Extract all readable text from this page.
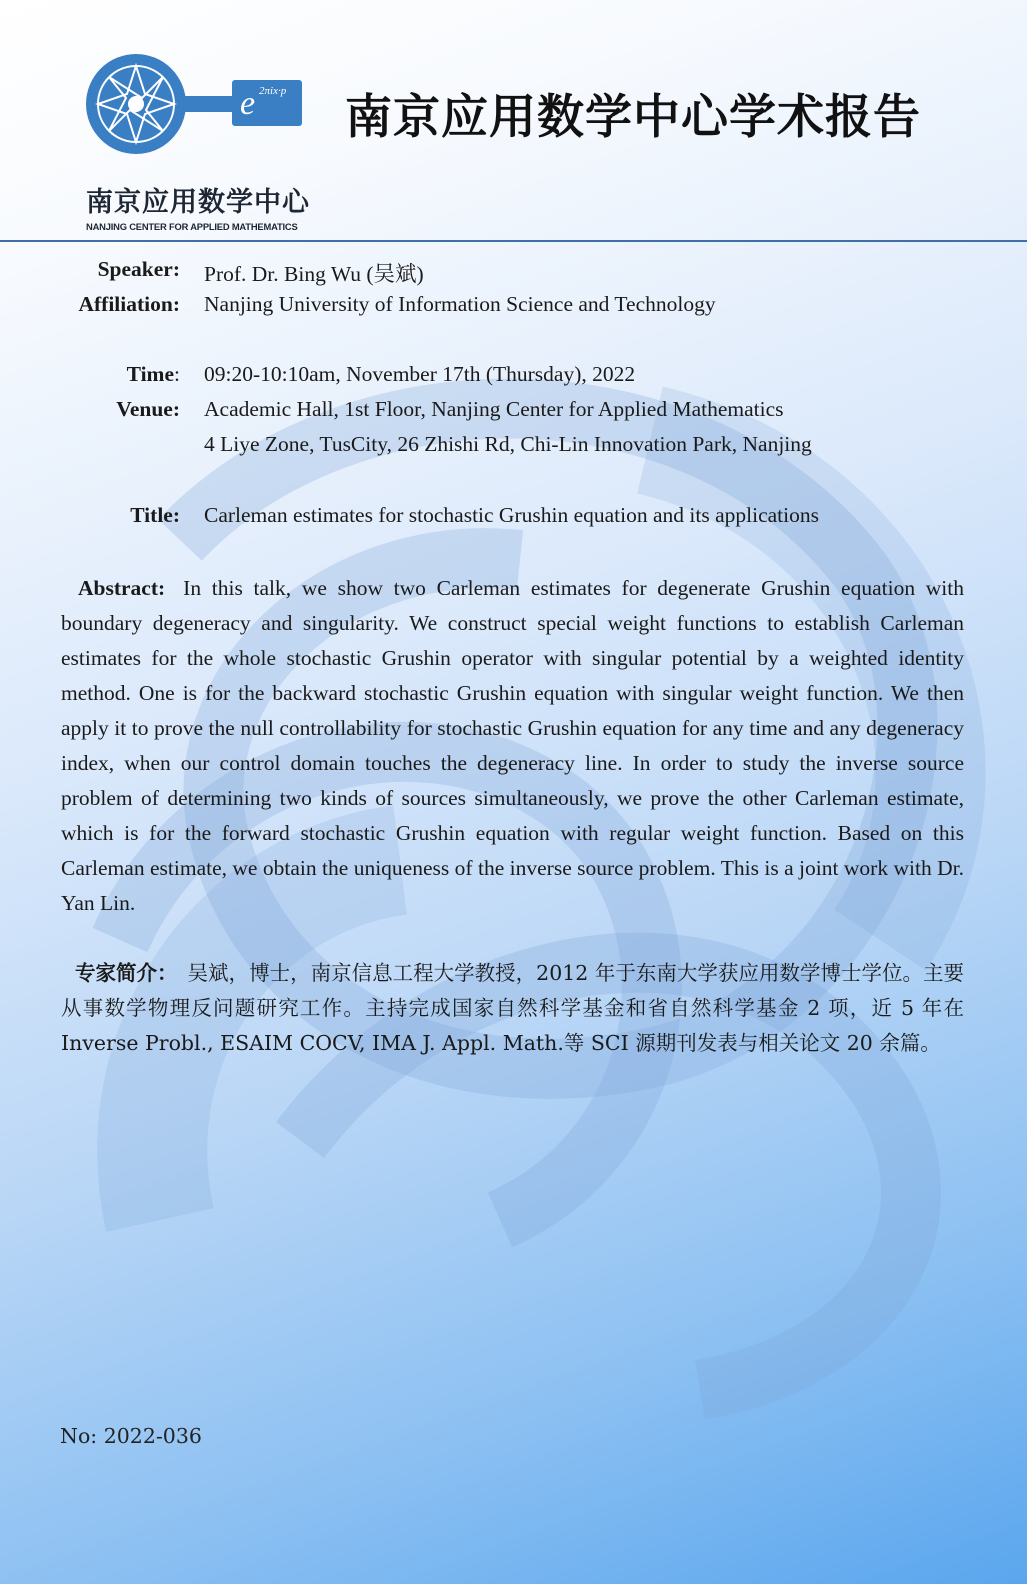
e 2πix·p
南京应用数学中心
NANJING CENTER FOR APPLIED MATHEMATICS
南京应用数学中心学术报告
Speaker: Prof. Dr. Bing Wu (吴斌)
Affiliation: Nanjing University of Information Science and Technology
Time: 09:20-10:10am, November 17th (Thursday), 2022
Venue: Academic Hall, 1st Floor, Nanjing Center for Applied Mathematics
4 Liye Zone, TusCity, 26 Zhishi Rd, Chi-Lin Innovation Park, Nanjing
Title: Carleman estimates for stochastic Grushin equation and its applications
Abstract: In this talk, we show two Carleman estimates for degenerate Grushin equation with boundary degeneracy and singularity. We construct special weight functions to establish Carleman estimates for the whole stochastic Grushin operator with singular potential by a weighted identity method. One is for the backward stochastic Grushin equation with singular weight function. We then apply it to prove the null controllability for stochastic Grushin equation for any time and any degeneracy index, when our control domain touches the degeneracy line. In order to study the inverse source problem of determining two kinds of sources simultaneously, we prove the other Carleman estimate, which is for the forward stochastic Grushin equation with regular weight function. Based on this Carleman estimate, we obtain the uniqueness of the inverse source problem. This is a joint work with Dr. Yan Lin.
专家简介： 吴斌，博士，南京信息工程大学教授，2012 年于东南大学获应用数学博士学位。主要从事数学物理反问题研究工作。主持完成国家自然科学基金和省自然科学基金 2 项，近 5 年在 Inverse Probl., ESAIM COCV, IMA J. Appl. Math.等 SCI 源期刊发表与相关论文 20 余篇。
No: 2022-036
